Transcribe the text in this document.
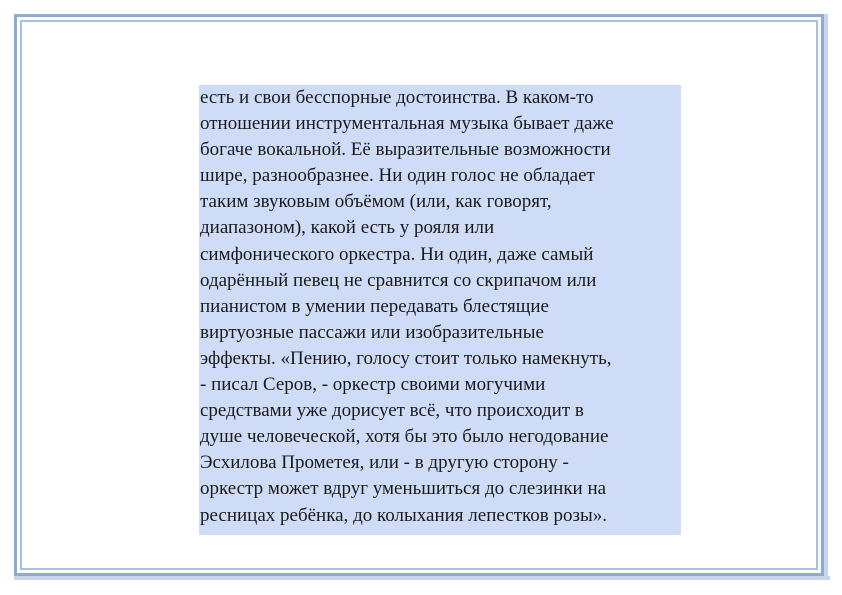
есть и свои бесспорные достоинства. В каком-то
отношении инструментальная музыка бывает даже
богаче вокальной. Её выразительные возможности
шире, разнообразнее. Ни один голос не обладает
таким звуковым объёмом (или, как говорят,
диапазоном), какой есть у рояля или
симфонического оркестра. Ни один, даже самый
одарённый певец не сравнится со скрипачом или
пианистом в умении передавать блестящие
виртуозные пассажи или изобразительные
эффекты. «Пению, голосу стоит только намекнуть,
- писал Серов, - оркестр своими могучими
средствами уже дорисует всё, что происходит в
душе человеческой, хотя бы это было негодование
Эсхилова Прометея, или - в другую сторону -
оркестр может вдруг уменьшиться до слезинки на
ресницах ребёнка, до колыхания лепестков розы».
